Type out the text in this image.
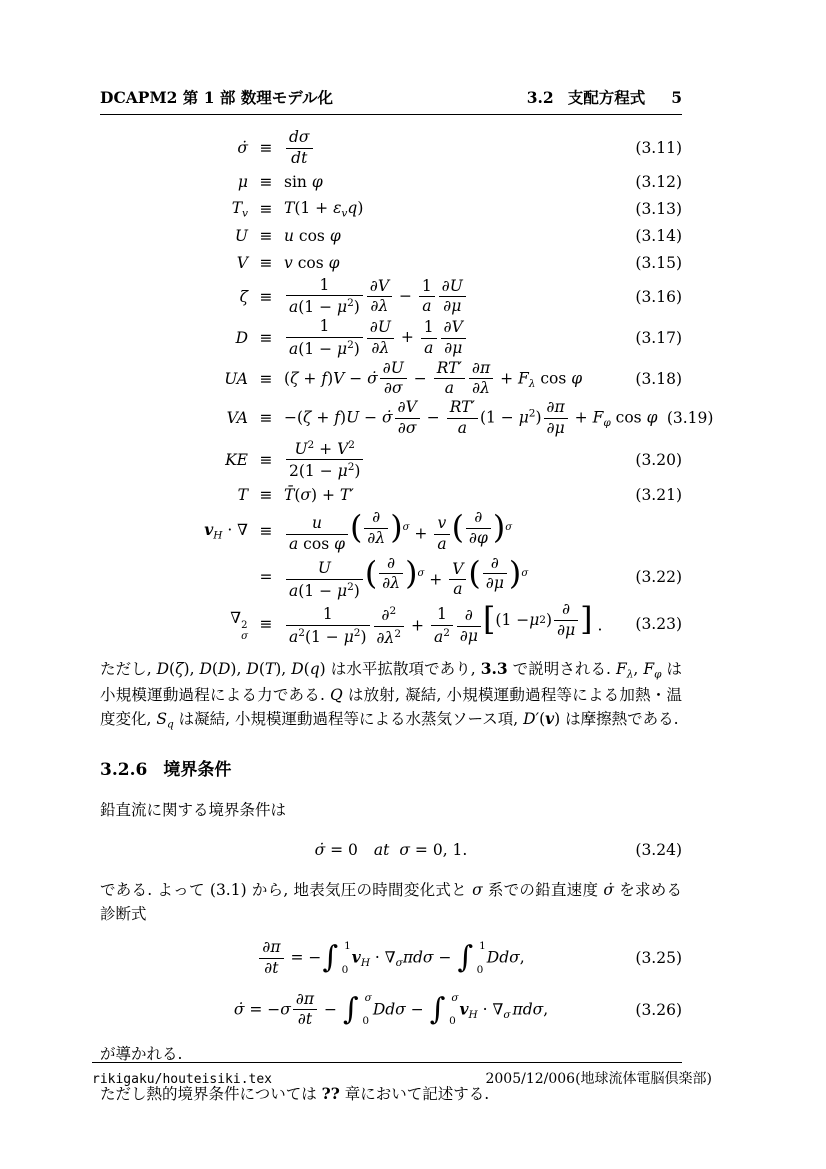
DCAPM2 第 1 部 数理モデル化	3.2 支配方程式 5
σ̇ ≡ $\frac{d\sigma}{dt}$	(3.11)
μ ≡ sin φ	(3.12)
$T_v \equiv T(1 + \varepsilon_vq)$	(3.13)
U ≡ u cos φ	(3.14)
V ≡ v cos φ	(3.15)
$\zeta \equiv \frac{1}{a(1 - \mu^2)} \frac{\partial V}{\partial\lambda} - \frac{1}{a} \frac{\partial U}{\partial\mu}$	(3.16)
$D \equiv \frac{1}{a(1 - \mu^2)} \frac{\partial U}{\partial\lambda} + \frac{1}{a} \frac{\partial V}{\partial\mu}$	(3.17)
UA ≡ (ζ + f)V − σ̇ $\frac{\partial U}{\partial\sigma} - \frac{RT'}{a} \frac{\partial\pi}{\partial\lambda} + F_\lambda$ cos φ	(3.18)
VA ≡ −(ζ + f)U − σ̇ $\frac{\partial V}{\partial\sigma} - \frac{RT'}{a} (1 - \mu^2) \frac{\partial\pi}{\partial\mu} + F_\varphi$ cos φ (3.19)
KE ≡ $\frac{U^2 + V^2}{2(1 - \mu^2)}$	(3.20)
T ≡ T̄(σ) + T′	(3.21)
$v_H$ · ∇ ≡ $\frac{u}{\text{a cos φ}}$ ( ∂
∂λ ) $\sigma + \frac{v}{a}$ ( ∂
∂φ ) σ
= $\frac{U}{a(1 - \mu^2)}$ ( ∂
∂λ ) $\sigma + \frac{V}{a}$ ( ∂
∂μ ) σ	(3.22)
∇ 2
σ
≡ $\frac{1}{a^2(1 - \mu^2)} \frac{\partial^2}{\partial\lambda^2} + \frac{1}{a^2}$ ∂
∂μ [ (1 − μ 2 )
∂
∂μ ] .	(3.23)

ただし, D(ζ), D(D), D(T), D(q) は水平拡散項であり, 3.3 で説明される. $F_\lambda$, $F_\varphi$ は小規模運動過程による力である. Q は放射, 凝結, 小規模運動過程等による加熱・温度変化, $S_q$ は凝結, 小規模運動過程等による水蒸気ソース項, D′(v) は摩擦熱である.

3.2.6 境界条件

鉛直流に関する境界条件は

σ̇ = 0 at σ = 0, 1.	(3.24)

である. よって (3.1) から, 地表気圧の時間変化式と σ 系での鉛直速度 σ̇ を求める診断式

$\frac{\partial\pi}{\partial t}$ = − ∫ 1
0
$v_H \cdot \nabla_\sigma\pi d\sigma$ − ∫ 1
0
Ddσ,	(3.25)
σ̇ = $-\sigma \frac{\partial\pi}{\partial t}$ − ∫ σ
0
Ddσ − ∫ σ
0
$v_H \cdot \nabla_\sigma$ πdσ,	(3.26)

が導かれる.

ただし熱的境界条件については ?? 章において記述する.

rikigaku/houteisiki.tex	2005/12/006(地球流体電脳倶楽部)
